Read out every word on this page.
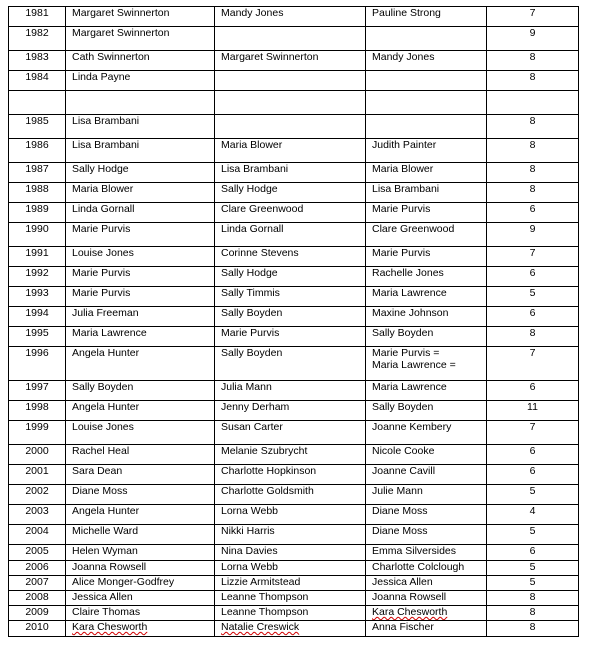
1981	Margaret Swinnerton	Mandy Jones	Pauline Strong	7
1982	Margaret Swinnerton			9
1983	Cath Swinnerton	Margaret Swinnerton	Mandy Jones	8
1984	Linda Payne			8

1985	Lisa Brambani			8
1986	Lisa Brambani	Maria Blower	Judith Painter	8
1987	Sally Hodge	Lisa Brambani	Maria Blower	8
1988	Maria Blower	Sally Hodge	Lisa Brambani	8
1989	Linda Gornall	Clare Greenwood	Marie Purvis	6
1990	Marie Purvis	Linda Gornall	Clare Greenwood	9
1991	Louise Jones	Corinne Stevens	Marie Purvis	7
1992	Marie Purvis	Sally Hodge	Rachelle Jones	6
1993	Marie Purvis	Sally Timmis	Maria Lawrence	5
1994	Julia Freeman	Sally Boyden	Maxine Johnson	6
1995	Maria Lawrence	Marie Purvis	Sally Boyden	8
1996	Angela Hunter	Sally Boyden	Marie Purvis =
Maria Lawrence =	7
1997	Sally Boyden	Julia Mann	Maria Lawrence	6
1998	Angela Hunter	Jenny Derham	Sally Boyden	11
1999	Louise Jones	Susan Carter	Joanne Kembery	7
2000	Rachel Heal	Melanie Szubrycht	Nicole Cooke	6
2001	Sara Dean	Charlotte Hopkinson	Joanne Cavill	6
2002	Diane Moss	Charlotte Goldsmith	Julie Mann	5
2003	Angela Hunter	Lorna Webb	Diane Moss	4
2004	Michelle Ward	Nikki Harris	Diane Moss	5
2005	Helen Wyman	Nina Davies	Emma Silversides	6
2006	Joanna Rowsell	Lorna Webb	Charlotte Colclough	5
2007	Alice Monger-Godfrey	Lizzie Armitstead	Jessica Allen	5
2008	Jessica Allen	Leanne Thompson	Joanna Rowsell	8
2009	Claire Thomas	Leanne Thompson	Kara Chesworth	8
2010	Kara Chesworth	Natalie Creswick	Anna Fischer	8
